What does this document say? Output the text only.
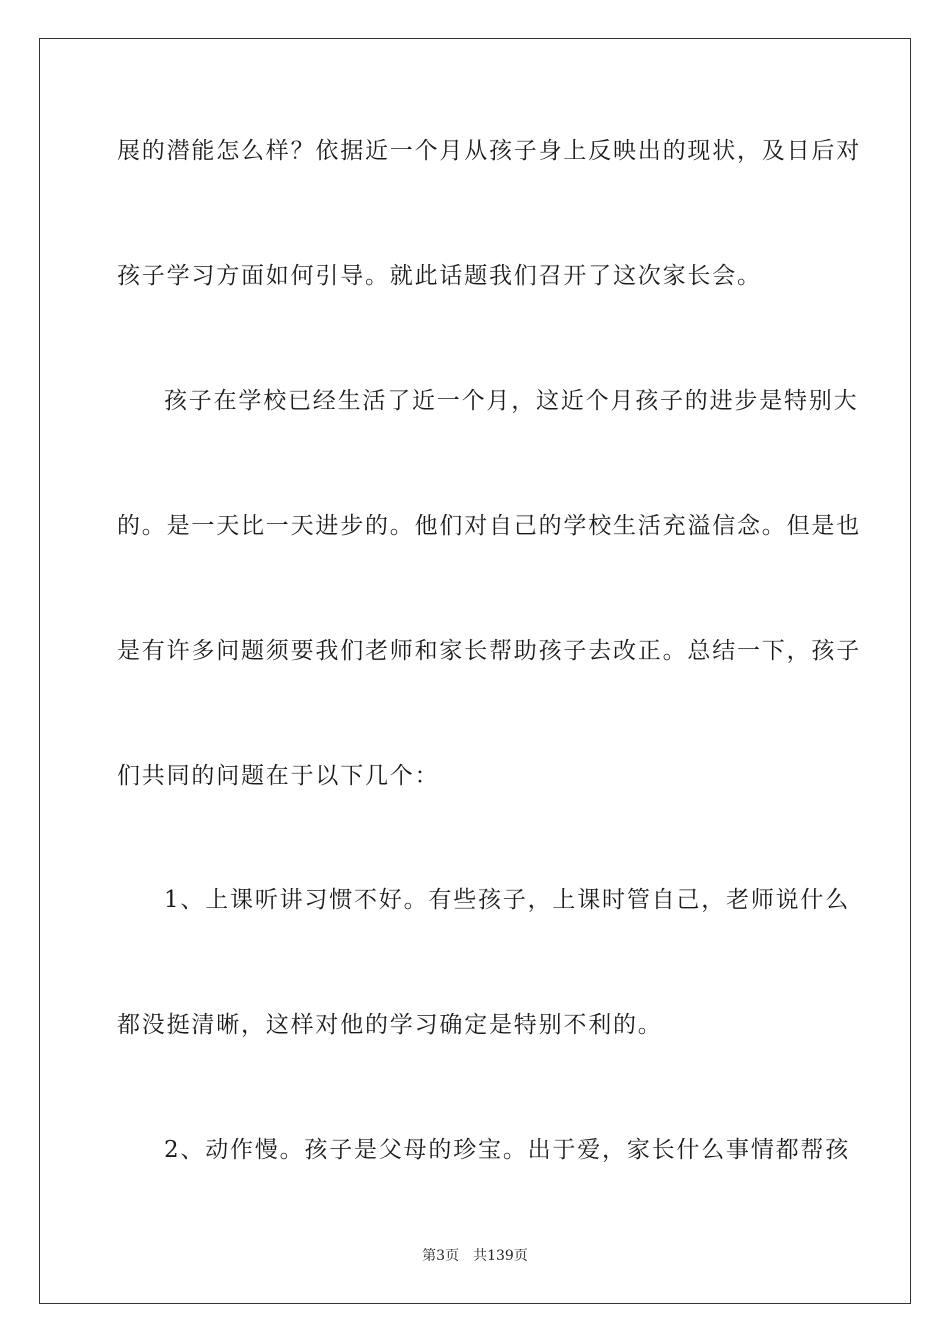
展的潜能怎么样？依据近一个月从孩子身上反映出的现状，及日后对
孩子学习方面如何引导。就此话题我们召开了这次家长会。
孩子在学校已经生活了近一个月，这近个月孩子的进步是特别大
的。是一天比一天进步的。他们对自己的学校生活充溢信念。但是也
是有许多问题须要我们老师和家长帮助孩子去改正。总结一下，孩子
们共同的问题在于以下几个：
1、上课听讲习惯不好。有些孩子，上课时管自己，老师说什么
都没挺清晰，这样对他的学习确定是特别不利的。
2、动作慢。孩子是父母的珍宝。出于爱，家长什么事情都帮孩
第3页 共139页
